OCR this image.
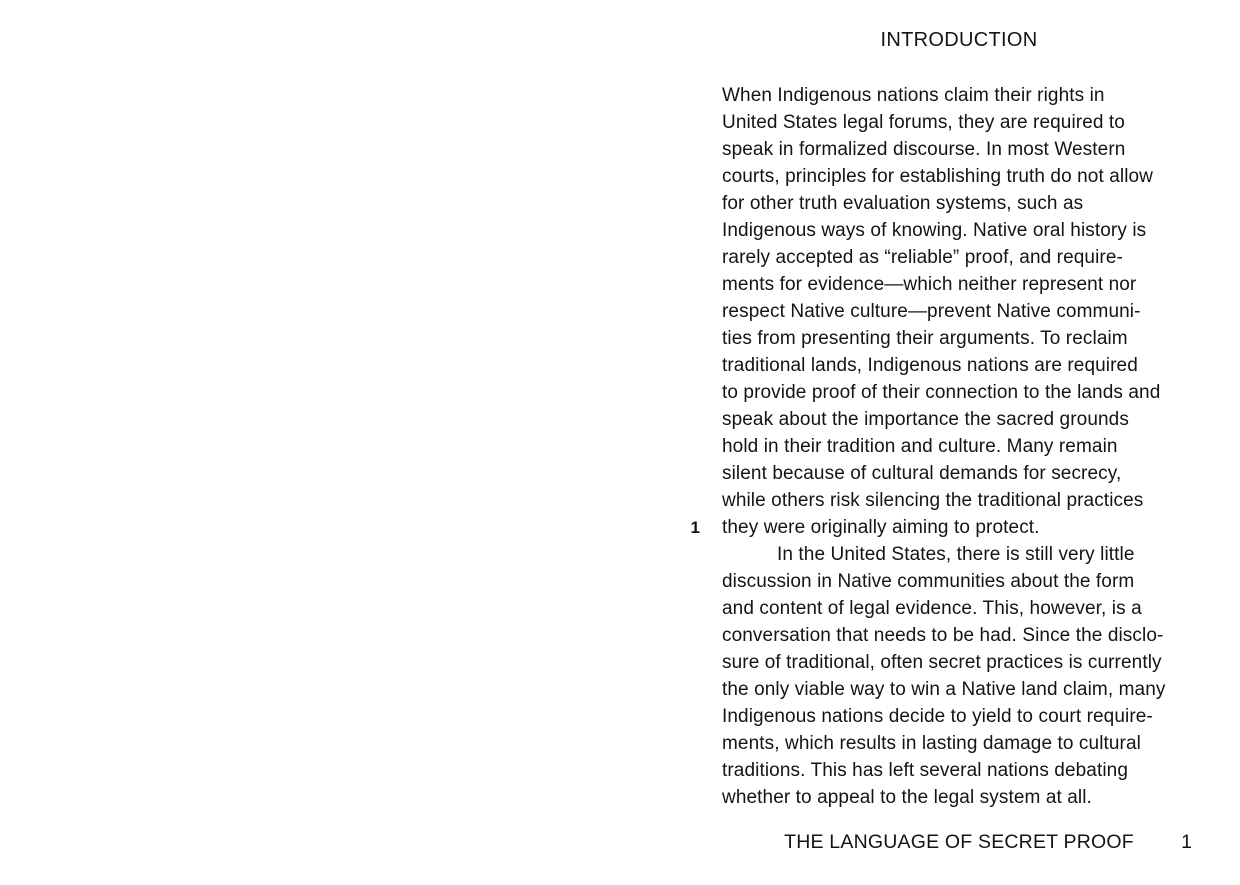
INTRODUCTION
1
When Indigenous nations claim their rights in
United States legal forums, they are required to
speak in formalized discourse. In most Western
courts, principles for establishing truth do not allow
for other truth evaluation systems, such as
Indigenous ways of knowing. Native oral history is
rarely accepted as “reliable” proof, and require-
ments for evidence—which neither represent nor
respect Native culture—prevent Native communi-
ties from presenting their arguments. To reclaim
traditional lands, Indigenous nations are required
to provide proof of their connection to the lands and
speak about the importance the sacred grounds
hold in their tradition and culture. Many remain
silent because of cultural demands for secrecy,
while others risk silencing the traditional practices
they were originally aiming to protect.
In the United States, there is still very little
discussion in Native communities about the form
and content of legal evidence. This, however, is a
conversation that needs to be had. Since the disclo-
sure of traditional, often secret practices is currently
the only viable way to win a Native land claim, many
Indigenous nations decide to yield to court require-
ments, which results in lasting damage to cultural
traditions. This has left several nations debating
whether to appeal to the legal system at all.
THE LANGUAGE OF SECRET PROOF	1
